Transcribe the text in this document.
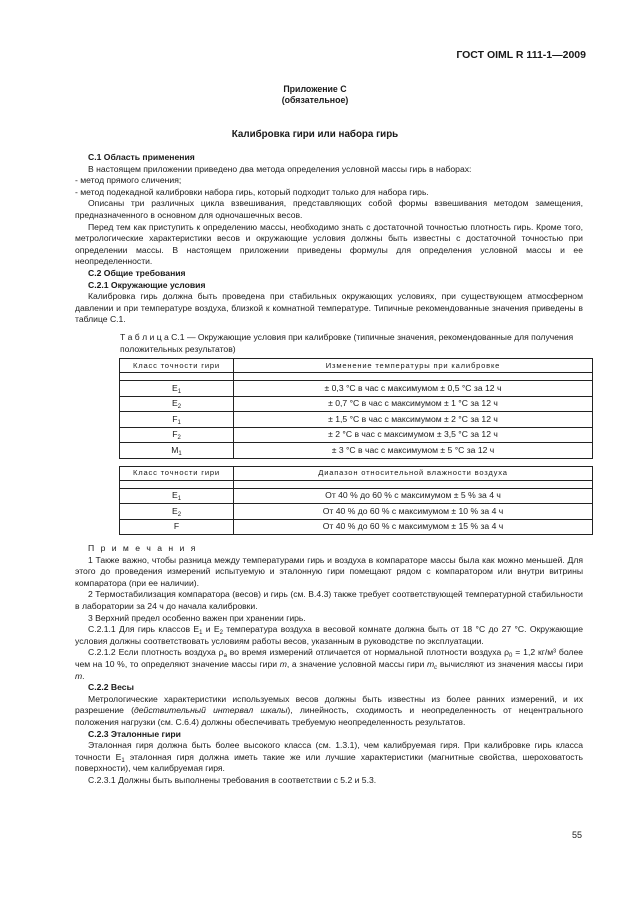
ГОСТ OIML R 111-1—2009
Приложение С
(обязательное)
Калибровка гири или набора гирь

С.1 Область применения

В настоящем приложении приведено два метода определения условной массы гирь в наборах:

- метод прямого сличения;

- метод подекадной калибровки набора гирь, который подходит только для набора гирь.

Описаны три различных цикла взвешивания, представляющих собой формы взвешивания методом замещения, предназначенного в основном для одночашечных весов.

Перед тем как приступить к определению массы, необходимо знать с достаточной точностью плотность гирь. Кроме того, метрологические характеристики весов и окружающие условия должны быть известны с достаточной точностью при определении массы. В настоящем приложении приведены формулы для определения условной массы и ее неопределенности.

С.2 Общие требования

С.2.1 Окружающие условия

Калибровка гирь должна быть проведена при стабильных окружающих условиях, при существующем атмосферном давлении и при температуре воздуха, близкой к комнатной температуре. Типичные рекомендованные значения приведены в таблице С.1.

Т а б л и ц а С.1 — Окружающие условия при калибровке (типичные значения, рекомендованные для получения положительных результатов)

Класс точности гири	Изменение температуры при калибровке

$E_1$	± 0,3 °С в час с максимумом ± 0,5 °С за 12 ч
$E_2$	± 0,7 °С в час с максимумом ± 1 °С за 12 ч
$F_1$	± 1,5 °С в час с максимумом ± 2 °С за 12 ч
$F_2$	± 2 °С в час с максимумом ± 3,5 °С за 12 ч
$M_1$	± 3 °С в час с максимумом ± 5 °С за 12 ч
Класс точности гири	Диапазон относительной влажности воздуха

$E_1$	От 40 % до 60 % с максимумом ± 5 % за 4 ч
$E_2$	От 40 % до 60 % с максимумом ± 10 % за 4 ч
F	От 40 % до 60 % с максимумом ± 15 % за 4 ч

П р и м е ч а н и я

1 Также важно, чтобы разница между температурами гирь и воздуха в компараторе массы была как можно меньшей. Для этого до проведения измерений испытуемую и эталонную гири помещают рядом с компаратором или внутри витрины компаратора (при ее наличии).

2 Термостабилизация компаратора (весов) и гирь (см. В.4.3) также требует соответствующей температурной стабильности в лаборатории за 24 ч до начала калибровки.

3 Верхний предел особенно важен при хранении гирь.

С.2.1.1 Для гирь классов $E_1$ и $E_2$ температура воздуха в весовой комнате должна быть от 18 °С до 27 °С. Окружающие условия должны соответствовать условиям работы весов, указанным в руководстве по эксплуатации.

С.2.1.2 Если плотность воздуха $\rho_a$ во время измерений отличается от нормальной плотности воздуха $\rho_0 = 1,2$ кг/м³ более чем на 10 %, то определяют значение массы гири m, а значение условной массы гири $m_c$ вычисляют из значения массы гири m.

С.2.2 Весы

Метрологические характеристики используемых весов должны быть известны из более ранних измерений, и их разрешение (действительный интервал шкалы), линейность, сходимость и неопределенность от нецентрального положения нагрузки (см. С.6.4) должны обеспечивать требуемую неопределенность результатов.

С.2.3 Эталонные гири

Эталонная гиря должна быть более высокого класса (см. 1.3.1), чем калибруемая гиря. При калибровке гирь класса точности $E_1$ эталонная гиря должна иметь такие же или лучшие характеристики (магнитные свойства, шероховатость поверхности), чем калибруемая гиря.

С.2.3.1 Должны быть выполнены требования в соответствии с 5.2 и 5.3.

55
